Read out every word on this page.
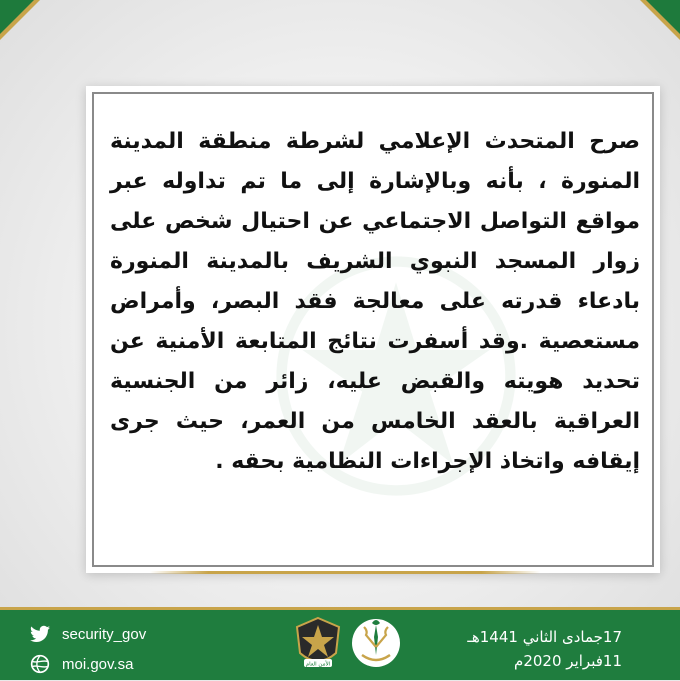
صرح المتحدث الإعلامي لشرطة منطقة المدينة المنورة ، بأنه وبالإشارة إلى ما تم تداوله عبر مواقع التواصل الاجتماعي عن احتيال شخص على زوار المسجد النبوي الشريف بالمدينة المنورة بادعاء قدرته على معالجة فقد البصر، وأمراض مستعصية .وقد أسفرت نتائج المتابعة الأمنية عن تحديد هويته والقبض عليه، زائر من الجنسية العراقية بالعقد الخامس من العمر، حيث جرى إيقافه واتخاذ الإجراءات النظامية بحقه .
security_gov
moi.gov.sa	الأمن العام
17جمادى الثاني 1441هـ
11فبراير 2020م
